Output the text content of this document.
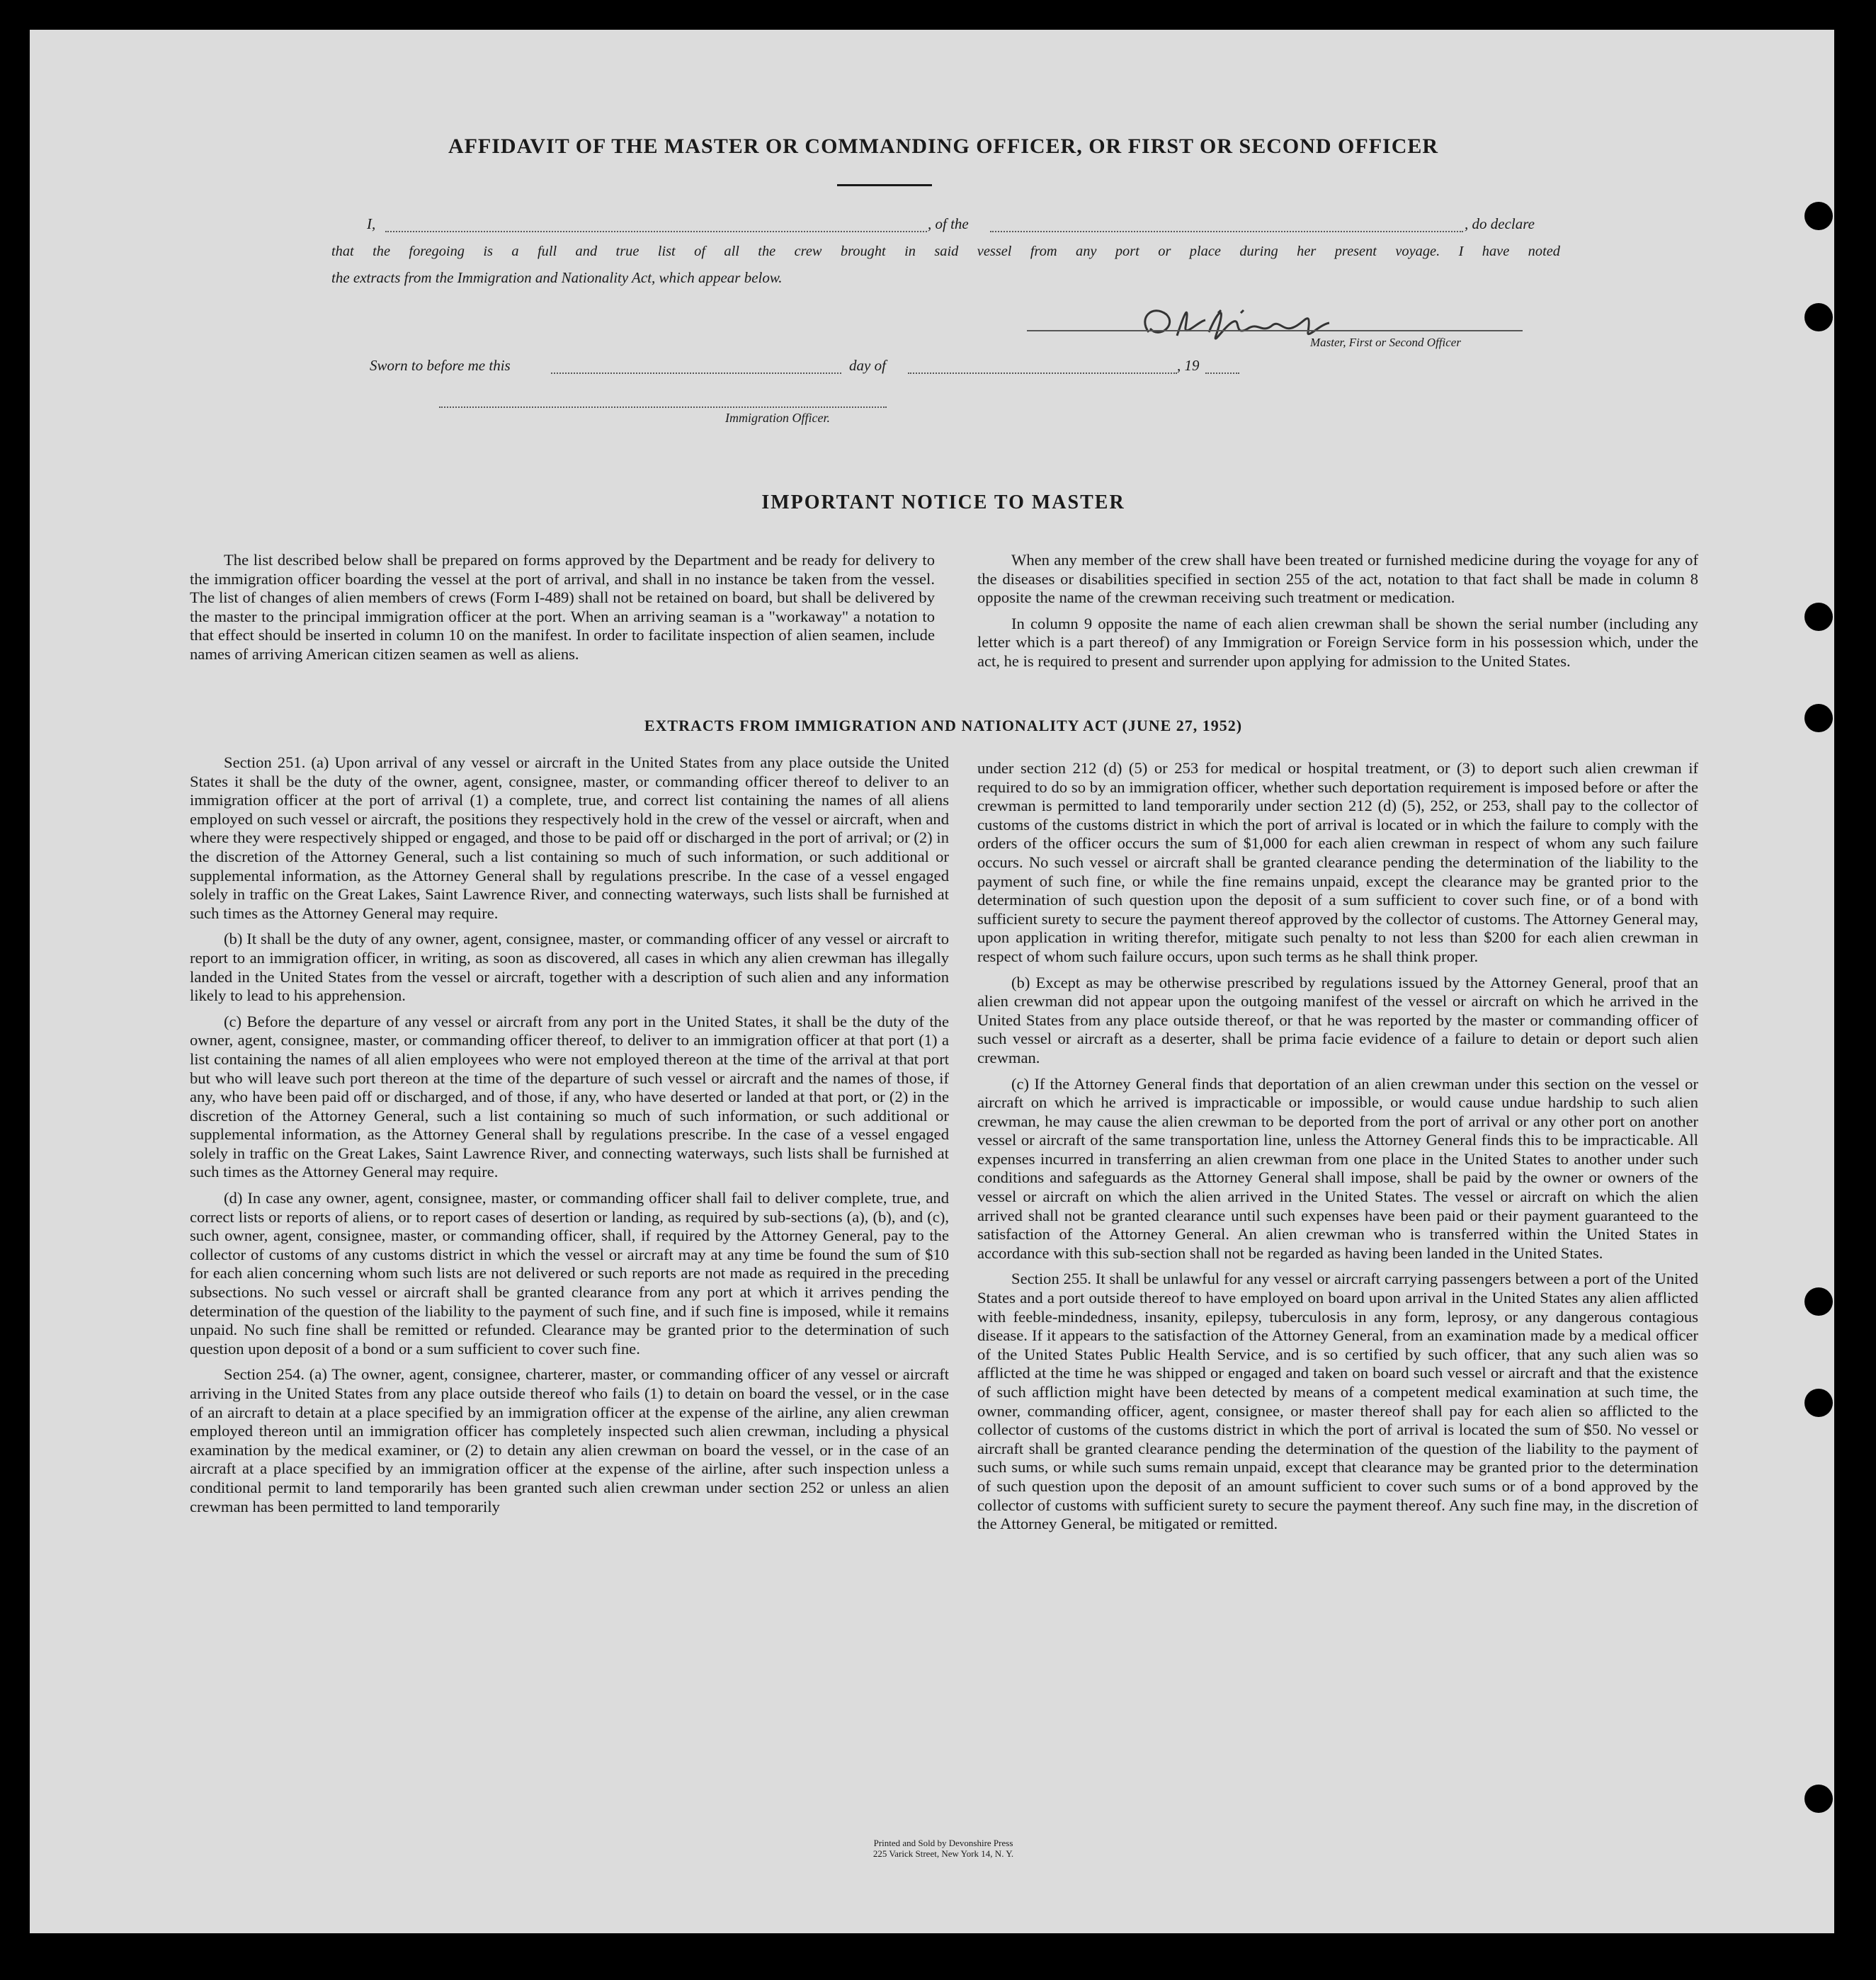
AFFIDAVIT OF THE MASTER OR COMMANDING OFFICER, OR FIRST OR SECOND OFFICER
I,	, of the	, do declare
that the foregoing is a full and true list of all the crew brought in said vessel from any port or place during her present voyage. I have noted
the extracts from the Immigration and Nationality Act, which appear below.
Master, First or Second Officer
Sworn to before me this	day of	, 19
Immigration Officer.
IMPORTANT NOTICE TO MASTER

The list described below shall be prepared on forms approved by the Department and be ready for delivery to the immigration officer boarding the vessel at the port of arrival, and shall in no instance be taken from the vessel. The list of changes of alien members of crews (Form I-489) shall not be retained on board, but shall be delivered by the master to the principal immigration officer at the port. When an arriving seaman is a "workaway" a notation to that effect should be inserted in column 10 on the manifest. In order to facilitate inspection of alien seamen, include names of arriving American citizen seamen as well as aliens.

When any member of the crew shall have been treated or furnished medicine during the voyage for any of the diseases or disabilities specified in section 255 of the act, notation to that fact shall be made in column 8 opposite the name of the crewman receiving such treatment or medication.

In column 9 opposite the name of each alien crewman shall be shown the serial number (including any letter which is a part thereof) of any Immigration or Foreign Service form in his possession which, under the act, he is required to present and surrender upon applying for admission to the United States.

EXTRACTS FROM IMMIGRATION AND NATIONALITY ACT (JUNE 27, 1952)

Section 251. (a) Upon arrival of any vessel or aircraft in the United States from any place outside the United States it shall be the duty of the owner, agent, consignee, master, or commanding officer thereof to deliver to an immigration officer at the port of arrival (1) a complete, true, and correct list containing the names of all aliens employed on such vessel or aircraft, the positions they respectively hold in the crew of the vessel or aircraft, when and where they were respectively shipped or engaged, and those to be paid off or discharged in the port of arrival; or (2) in the discretion of the Attorney General, such a list containing so much of such information, or such additional or supplemental information, as the Attorney General shall by regulations prescribe. In the case of a vessel engaged solely in traffic on the Great Lakes, Saint Lawrence River, and connecting waterways, such lists shall be furnished at such times as the Attorney General may require.

(b) It shall be the duty of any owner, agent, consignee, master, or commanding officer of any vessel or aircraft to report to an immigration officer, in writing, as soon as discovered, all cases in which any alien crewman has illegally landed in the United States from the vessel or aircraft, together with a description of such alien and any information likely to lead to his apprehension.

(c) Before the departure of any vessel or aircraft from any port in the United States, it shall be the duty of the owner, agent, consignee, master, or commanding officer thereof, to deliver to an immigration officer at that port (1) a list containing the names of all alien employees who were not employed thereon at the time of the arrival at that port but who will leave such port thereon at the time of the departure of such vessel or aircraft and the names of those, if any, who have been paid off or discharged, and of those, if any, who have deserted or landed at that port, or (2) in the discretion of the Attorney General, such a list containing so much of such information, or such additional or supplemental information, as the Attorney General shall by regulations prescribe. In the case of a vessel engaged solely in traffic on the Great Lakes, Saint Lawrence River, and connecting waterways, such lists shall be furnished at such times as the Attorney General may require.

(d) In case any owner, agent, consignee, master, or commanding officer shall fail to deliver complete, true, and correct lists or reports of aliens, or to report cases of desertion or landing, as required by sub-sections (a), (b), and (c), such owner, agent, consignee, master, or commanding officer, shall, if required by the Attorney General, pay to the collector of customs of any customs district in which the vessel or aircraft may at any time be found the sum of $10 for each alien concerning whom such lists are not delivered or such reports are not made as required in the preceding subsections. No such vessel or aircraft shall be granted clearance from any port at which it arrives pending the determination of the question of the liability to the payment of such fine, and if such fine is imposed, while it remains unpaid. No such fine shall be remitted or refunded. Clearance may be granted prior to the determination of such question upon deposit of a bond or a sum sufficient to cover such fine.

Section 254. (a) The owner, agent, consignee, charterer, master, or commanding officer of any vessel or aircraft arriving in the United States from any place outside thereof who fails (1) to detain on board the vessel, or in the case of an aircraft to detain at a place specified by an immigration officer at the expense of the airline, any alien crewman employed thereon until an immigration officer has completely inspected such alien crewman, including a physical examination by the medical examiner, or (2) to detain any alien crewman on board the vessel, or in the case of an aircraft at a place specified by an immigration officer at the expense of the airline, after such inspection unless a conditional permit to land temporarily has been granted such alien crewman under section 252 or unless an alien crewman has been permitted to land temporarily

under section 212 (d) (5) or 253 for medical or hospital treatment, or (3) to deport such alien crewman if required to do so by an immigration officer, whether such deportation requirement is imposed before or after the crewman is permitted to land temporarily under section 212 (d) (5), 252, or 253, shall pay to the collector of customs of the customs district in which the port of arrival is located or in which the failure to comply with the orders of the officer occurs the sum of $1,000 for each alien crewman in respect of whom any such failure occurs. No such vessel or aircraft shall be granted clearance pending the determination of the liability to the payment of such fine, or while the fine remains unpaid, except the clearance may be granted prior to the determination of such question upon the deposit of a sum sufficient to cover such fine, or of a bond with sufficient surety to secure the payment thereof approved by the collector of customs. The Attorney General may, upon application in writing therefor, mitigate such penalty to not less than $200 for each alien crewman in respect of whom such failure occurs, upon such terms as he shall think proper.

(b) Except as may be otherwise prescribed by regulations issued by the Attorney General, proof that an alien crewman did not appear upon the outgoing manifest of the vessel or aircraft on which he arrived in the United States from any place outside thereof, or that he was reported by the master or commanding officer of such vessel or aircraft as a deserter, shall be prima facie evidence of a failure to detain or deport such alien crewman.

(c) If the Attorney General finds that deportation of an alien crewman under this section on the vessel or aircraft on which he arrived is impracticable or impossible, or would cause undue hardship to such alien crewman, he may cause the alien crewman to be deported from the port of arrival or any other port on another vessel or aircraft of the same transportation line, unless the Attorney General finds this to be impracticable. All expenses incurred in transferring an alien crewman from one place in the United States to another under such conditions and safeguards as the Attorney General shall impose, shall be paid by the owner or owners of the vessel or aircraft on which the alien arrived in the United States. The vessel or aircraft on which the alien arrived shall not be granted clearance until such expenses have been paid or their payment guaranteed to the satisfaction of the Attorney General. An alien crewman who is transferred within the United States in accordance with this sub-section shall not be regarded as having been landed in the United States.

Section 255. It shall be unlawful for any vessel or aircraft carrying passengers between a port of the United States and a port outside thereof to have employed on board upon arrival in the United States any alien afflicted with feeble-mindedness, insanity, epilepsy, tuberculosis in any form, leprosy, or any dangerous contagious disease. If it appears to the satisfaction of the Attorney General, from an examination made by a medical officer of the United States Public Health Service, and is so certified by such officer, that any such alien was so afflicted at the time he was shipped or engaged and taken on board such vessel or aircraft and that the existence of such affliction might have been detected by means of a competent medical examination at such time, the owner, commanding officer, agent, consignee, or master thereof shall pay for each alien so afflicted to the collector of customs of the customs district in which the port of arrival is located the sum of $50. No vessel or aircraft shall be granted clearance pending the determination of the question of the liability to the payment of such sums, or while such sums remain unpaid, except that clearance may be granted prior to the determination of such question upon the deposit of an amount sufficient to cover such sums or of a bond approved by the collector of customs with sufficient surety to secure the payment thereof. Any such fine may, in the discretion of the Attorney General, be mitigated or remitted.

Printed and Sold by Devonshire Press
225 Varick Street, New York 14, N. Y.
